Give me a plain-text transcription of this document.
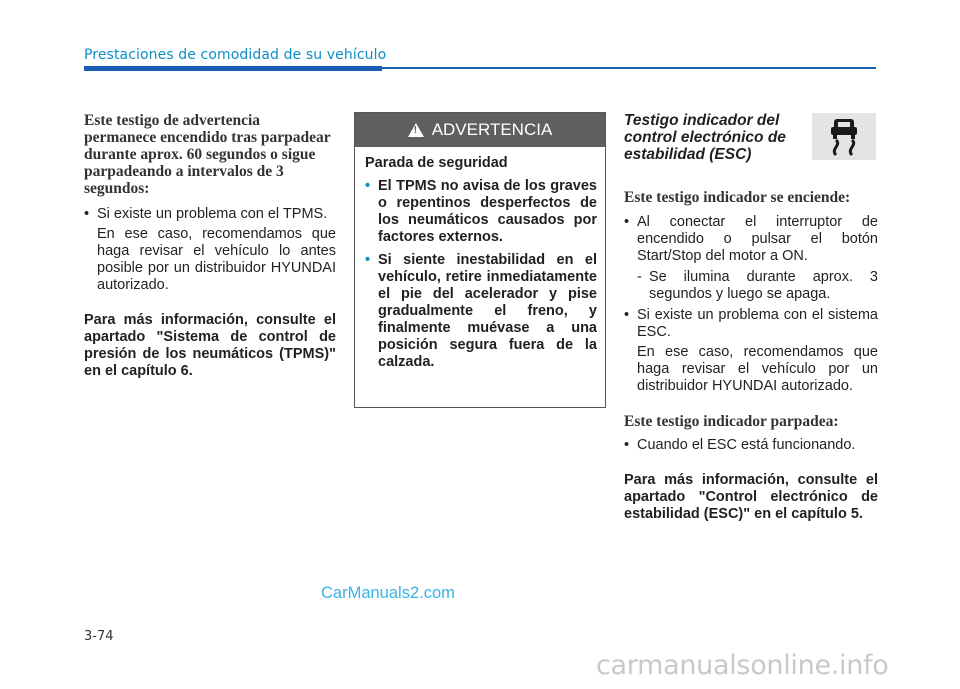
Prestaciones de comodidad de su vehículo
Este testigo de advertencia permanece encendido tras parpadear durante aprox. 60 segundos o sigue parpadeando a intervalos de 3 segundos:
• Si existe un problema con el TPMS.
En ese caso, recomendamos que haga revisar el vehículo lo antes posible por un distribuidor HYUNDAI autorizado.
Para más información, consulte el apartado "Sistema de control de presión de los neumáticos (TPMS)" en el capítulo 6.
! ADVERTENCIA
Parada de seguridad
• El TPMS no avisa de los graves o repentinos desperfectos de los neumáticos causados por factores externos.
• Si siente inestabilidad en el vehículo, retire inmediatamente el pie del acelerador y pise gradualmente el freno, y finalmente muévase a una posición segura fuera de la calzada.
Testigo indicador del control electrónico de estabilidad (ESC)
Este testigo indicador se enciende:
• Al conectar el interruptor de encendido o pulsar el botón Start/Stop del motor a ON.
- Se ilumina durante aprox. 3 segundos y luego se apaga.
• Si existe un problema con el sistema ESC.
En ese caso, recomendamos que haga revisar el vehículo por un distribuidor HYUNDAI autorizado.
Este testigo indicador parpadea:
• Cuando el ESC está funcionando.
Para más información, consulte el apartado "Control electrónico de estabilidad (ESC)" en el capítulo 5.
CarManuals2.com
3-74
carmanualsonline.info
